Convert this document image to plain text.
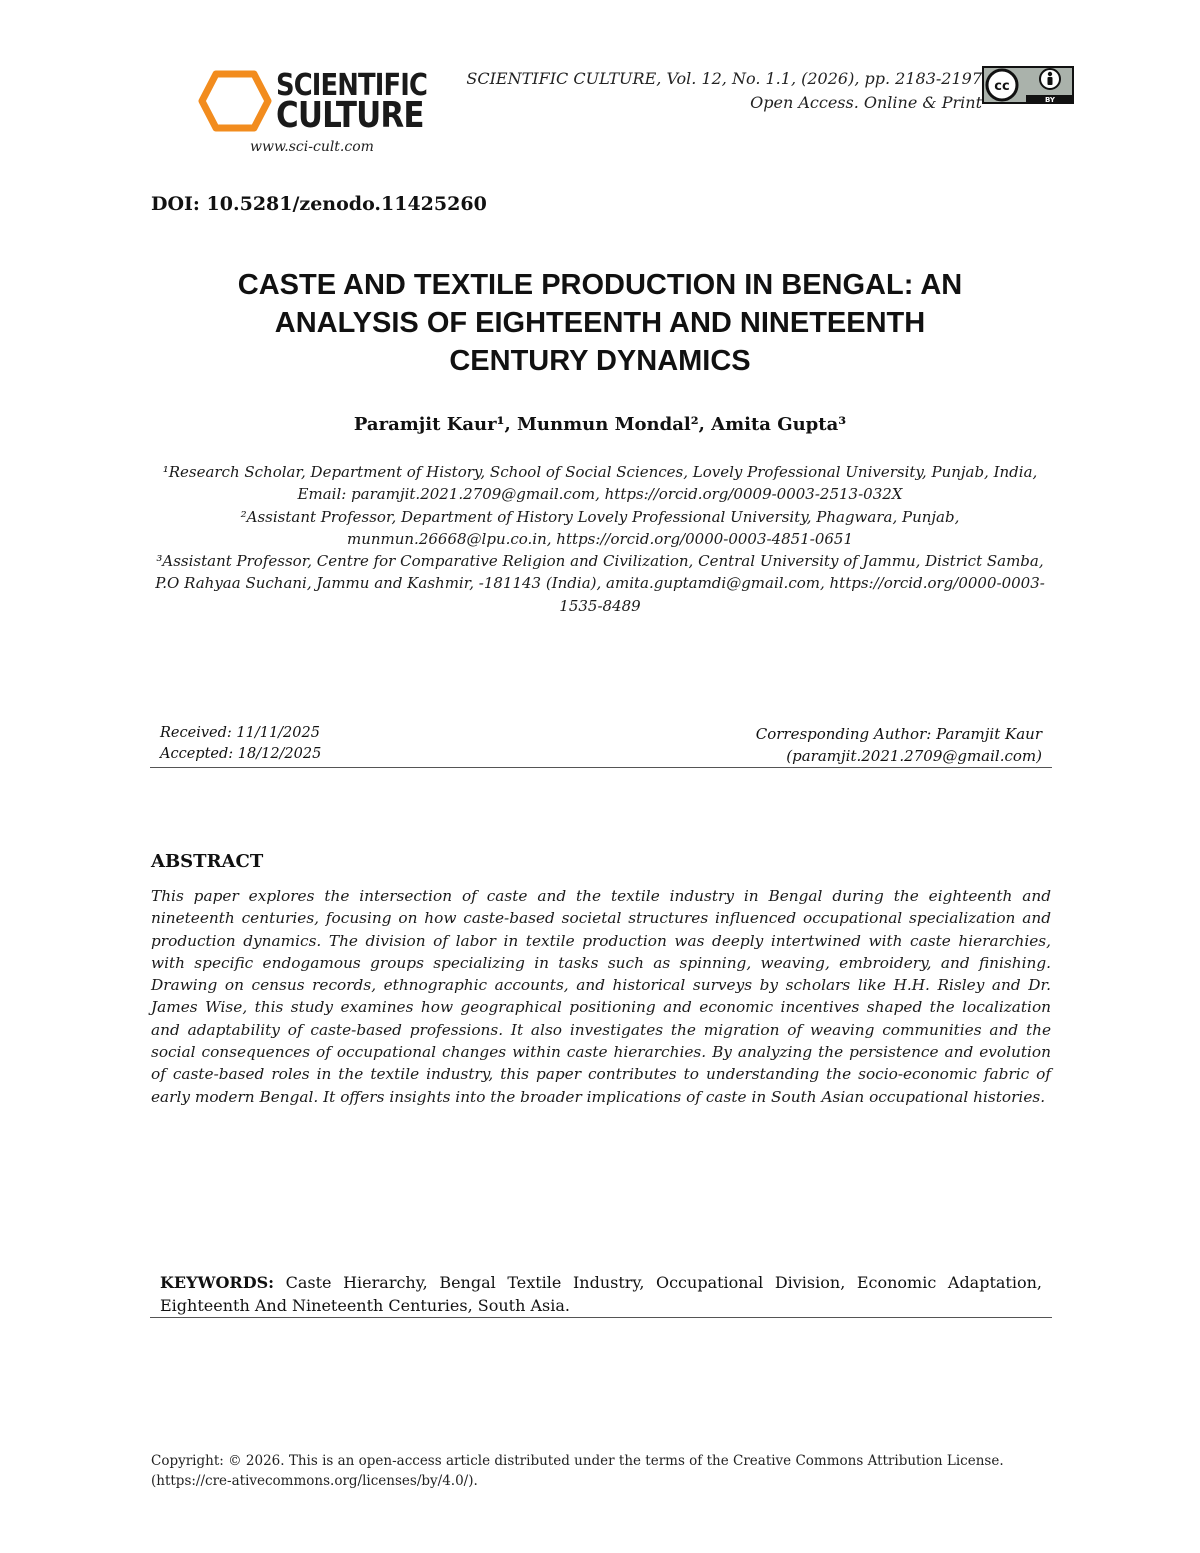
SCIENTIFIC
CULTURE
www.sci-cult.com
SCIENTIFIC CULTURE, Vol. 12, No. 1.1, (2026), pp. 2183-2197
Open Access. Online & Print
cc
BY
DOI: 10.5281/zenodo.11425260
CASTE AND TEXTILE PRODUCTION IN BENGAL: AN
ANALYSIS OF EIGHTEENTH AND NINETEENTH
CENTURY DYNAMICS
Paramjit Kaur¹, Munmun Mondal², Amita Gupta³

¹Research Scholar, Department of History, School of Social Sciences, Lovely Professional University, Punjab, India, Email: paramjit.2021.2709@gmail.com, https://orcid.org/0009-0003-2513-032X

²Assistant Professor, Department of History Lovely Professional University, Phagwara, Punjab, munmun.26668@lpu.co.in, https://orcid.org/0000-0003-4851-0651

³Assistant Professor, Centre for Comparative Religion and Civilization, Central University of Jammu, District Samba, P.O Rahyaa Suchani, Jammu and Kashmir, -181143 (India), amita.guptamdi@gmail.com, https://orcid.org/0000-0003-1535-8489

Received: 11/11/2025
Accepted: 18/12/2025
Corresponding Author: Paramjit Kaur
(paramjit.2021.2709@gmail.com)
ABSTRACT

This paper explores the intersection of caste and the textile industry in Bengal during the eighteenth and nineteenth centuries, focusing on how caste-based societal structures influenced occupational specialization and production dynamics. The division of labor in textile production was deeply intertwined with caste hierarchies, with specific endogamous groups specializing in tasks such as spinning, weaving, embroidery, and finishing. Drawing on census records, ethnographic accounts, and historical surveys by scholars like H.H. Risley and Dr. James Wise, this study examines how geographical positioning and economic incentives shaped the localization and adaptability of caste-based professions. It also investigates the migration of weaving communities and the social consequences of occupational changes within caste hierarchies. By analyzing the persistence and evolution of caste-based roles in the textile industry, this paper contributes to understanding the socio-economic fabric of early modern Bengal. It offers insights into the broader implications of caste in South Asian occupational histories.

KEYWORDS: Caste Hierarchy, Bengal Textile Industry, Occupational Division, Economic Adaptation, Eighteenth And Nineteenth Centuries, South Asia.

Copyright: © 2026. This is an open-access article distributed under the terms of the Creative Commons Attribution License.
(https://cre-ativecommons.org/licenses/by/4.0/).
